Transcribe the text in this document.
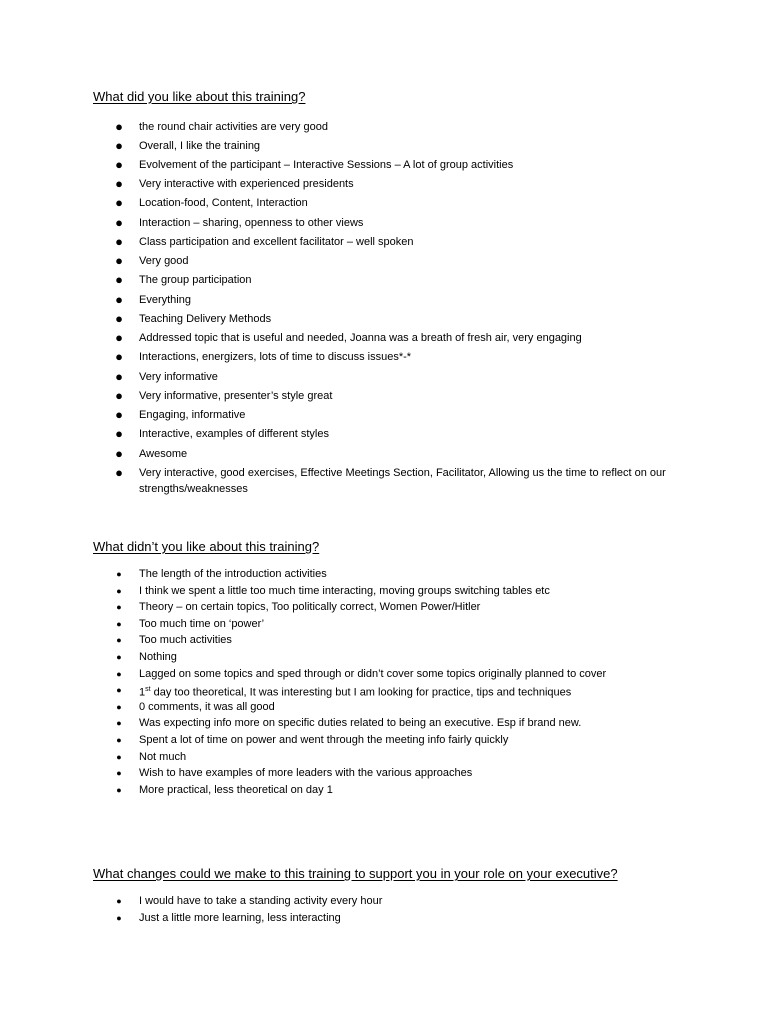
What did you like about this training?
● the round chair activities are very good
● Overall, I like the training
● Evolvement of the participant – Interactive Sessions – A lot of group activities
● Very interactive with experienced presidents
● Location-food, Content, Interaction
● Interaction – sharing, openness to other views
● Class participation and excellent facilitator – well spoken
● Very good
● The group participation
● Everything
● Teaching Delivery Methods
● Addressed topic that is useful and needed, Joanna was a breath of fresh air, very engaging
● Interactions, energizers, lots of time to discuss issues*-*
● Very informative
● Very informative, presenter’s style great
● Engaging, informative
● Interactive, examples of different styles
● Awesome
● Very interactive, good exercises, Effective Meetings Section, Facilitator, Allowing us the time to reflect on our strengths/weaknesses
What didn’t you like about this training?
● The length of the introduction activities
● I think we spent a little too much time interacting, moving groups switching tables etc
● Theory – on certain topics, Too politically correct, Women Power/Hitler
● Too much time on ‘power’
● Too much activities
● Nothing
● Lagged on some topics and sped through or didn’t cover some topics originally planned to cover
● 1st day too theoretical, It was interesting but I am looking for practice, tips and techniques
● 0 comments, it was all good
● Was expecting info more on specific duties related to being an executive. Esp if brand new.
● Spent a lot of time on power and went through the meeting info fairly quickly
● Not much
● Wish to have examples of more leaders with the various approaches
● More practical, less theoretical on day 1
What changes could we make to this training to support you in your role on your executive?
● I would have to take a standing activity every hour
● Just a little more learning, less interacting
